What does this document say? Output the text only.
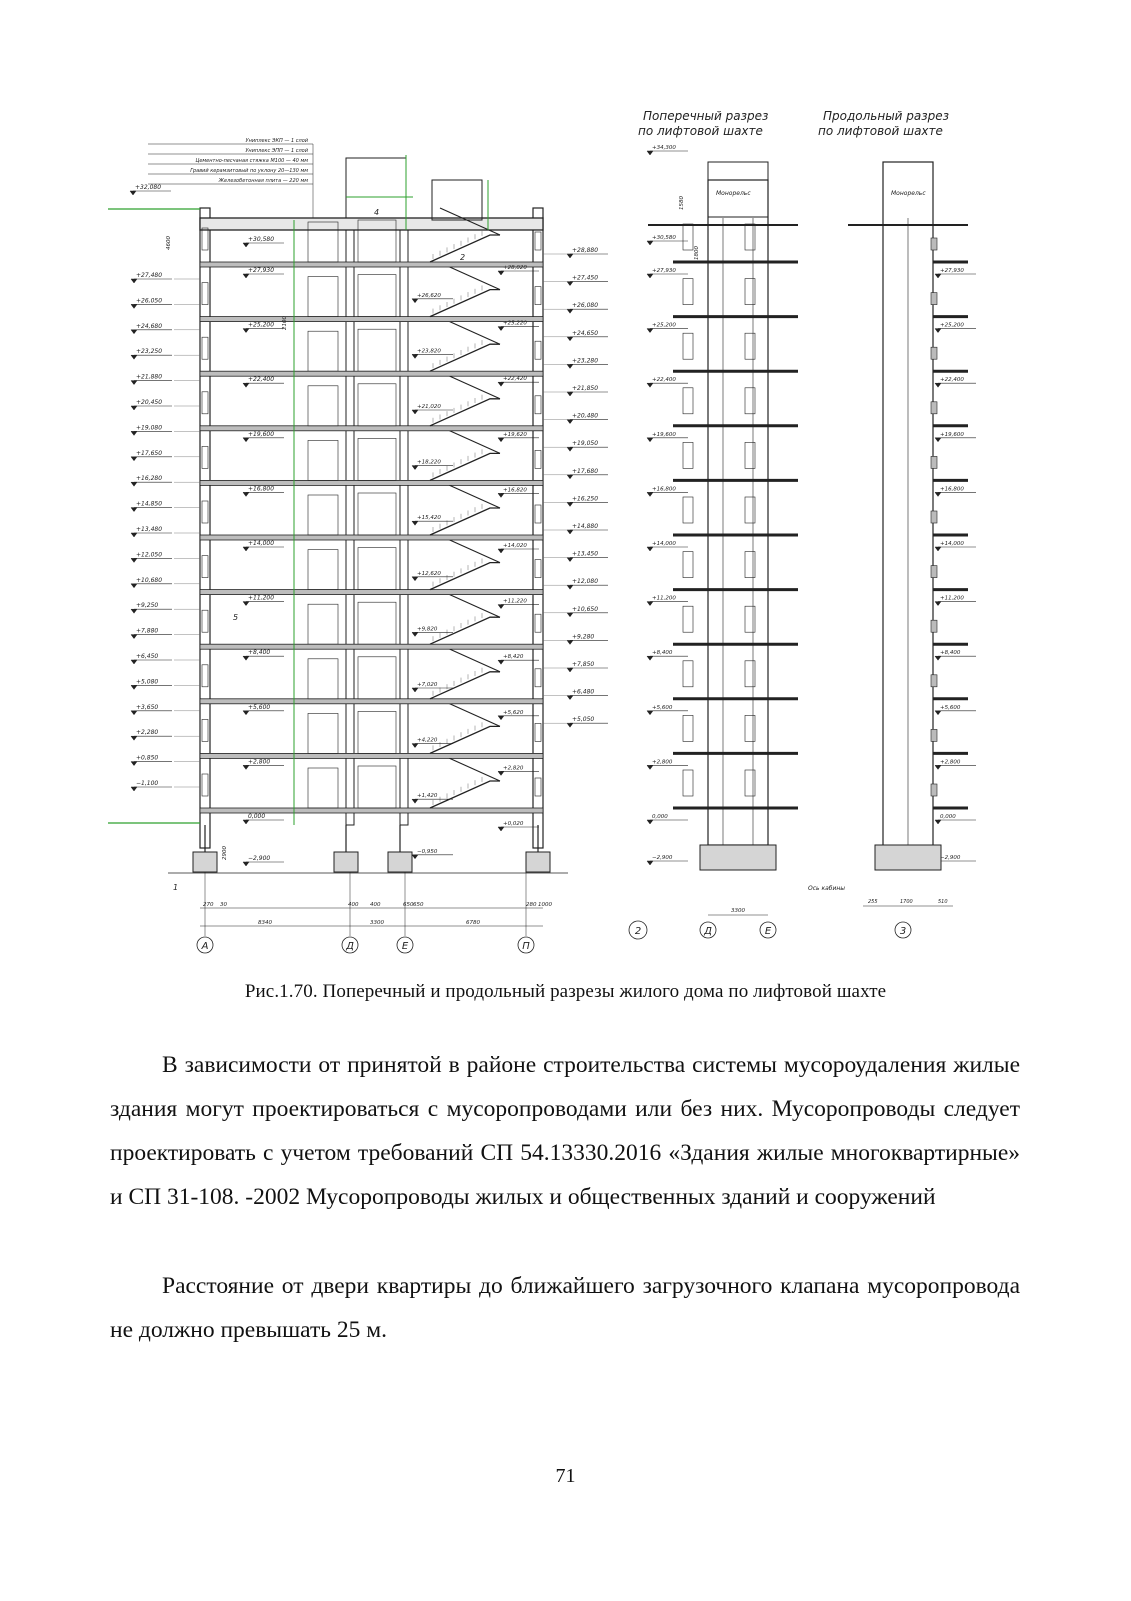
Униплекс ЭКП — 1 слой
Униплекс ЭПП — 1 слой
Цементно-песчаная стяжка М100 — 40 мм
Гравий керамзитовый по уклону 20—130 мм
Железобетонная плита — 220 мм
+32,080
+27,480
+26,050
+24,680
+23,250
+21,880
+20,450
+19,080
+17,650
+16,280
+14,850
+13,480
+12,050
+10,680
+9,250
+7,880
+6,450
+5,080
+3,650
+2,280
+0,850
−1,100
+30,580
+27,930
+25,200
+22,400
+19,600
+16,800
+14,000
+11,200
+8,400
+5,600
+2,800
0,000
−2,900
+28,020
+26,620
+25,220
+23,820
+22,420
+21,020
+19,620
+18,220
+16,820
+15,420
+14,020
+12,620
+11,220
+9,820
+8,420
+7,020
+5,620
+4,220
+2,820
+1,420
+0,020
−0,950
+28,880
+27,450
+26,080
+24,650
+23,280
+21,850
+20,480
+19,050
+17,680
+16,250
+14,880
+13,450
+12,080
+10,650
+9,280
+7,850
+6,480
+5,050
4600
2900
2100
270 30
8340
400 400
3300
650 650
6780
280 1000
А	Д	Е	П
4
2
5
1
Поперечный разрез
по лифтовой шахте
Продольный разрез
по лифтовой шахте
Монорельс
+34,300
+30,580
+27,930
+25,200
+22,400
+19,600
+16,800
+14,000
+11,200
+8,400
+5,600
+2,800
0,000
−2,900
1580
1800
Ось кабины
3300
Д	Е
2
Монорельс
+27,930
+25,200
+22,400
+19,600
+16,800
+14,000
+11,200
+8,400
+5,600
+2,800
0,000
−2,900
255	1700	510
3
Рис.1.70. Поперечный и продольный разрезы жилого дома по лифтовой шахте

В зависимости от принятой в районе строительства системы мусороудаления жилые здания могут проектироваться с мусоропроводами или без них. Мусоропроводы следует проектировать с учетом требований СП 54.13330.2016 «Здания жилые многоквартирные» и СП 31-108. -2002 Мусоропроводы жилых и общественных зданий и сооружений

Расстояние от двери квартиры до ближайшего загрузочного клапана мусоропровода не должно превышать 25 м.

71
